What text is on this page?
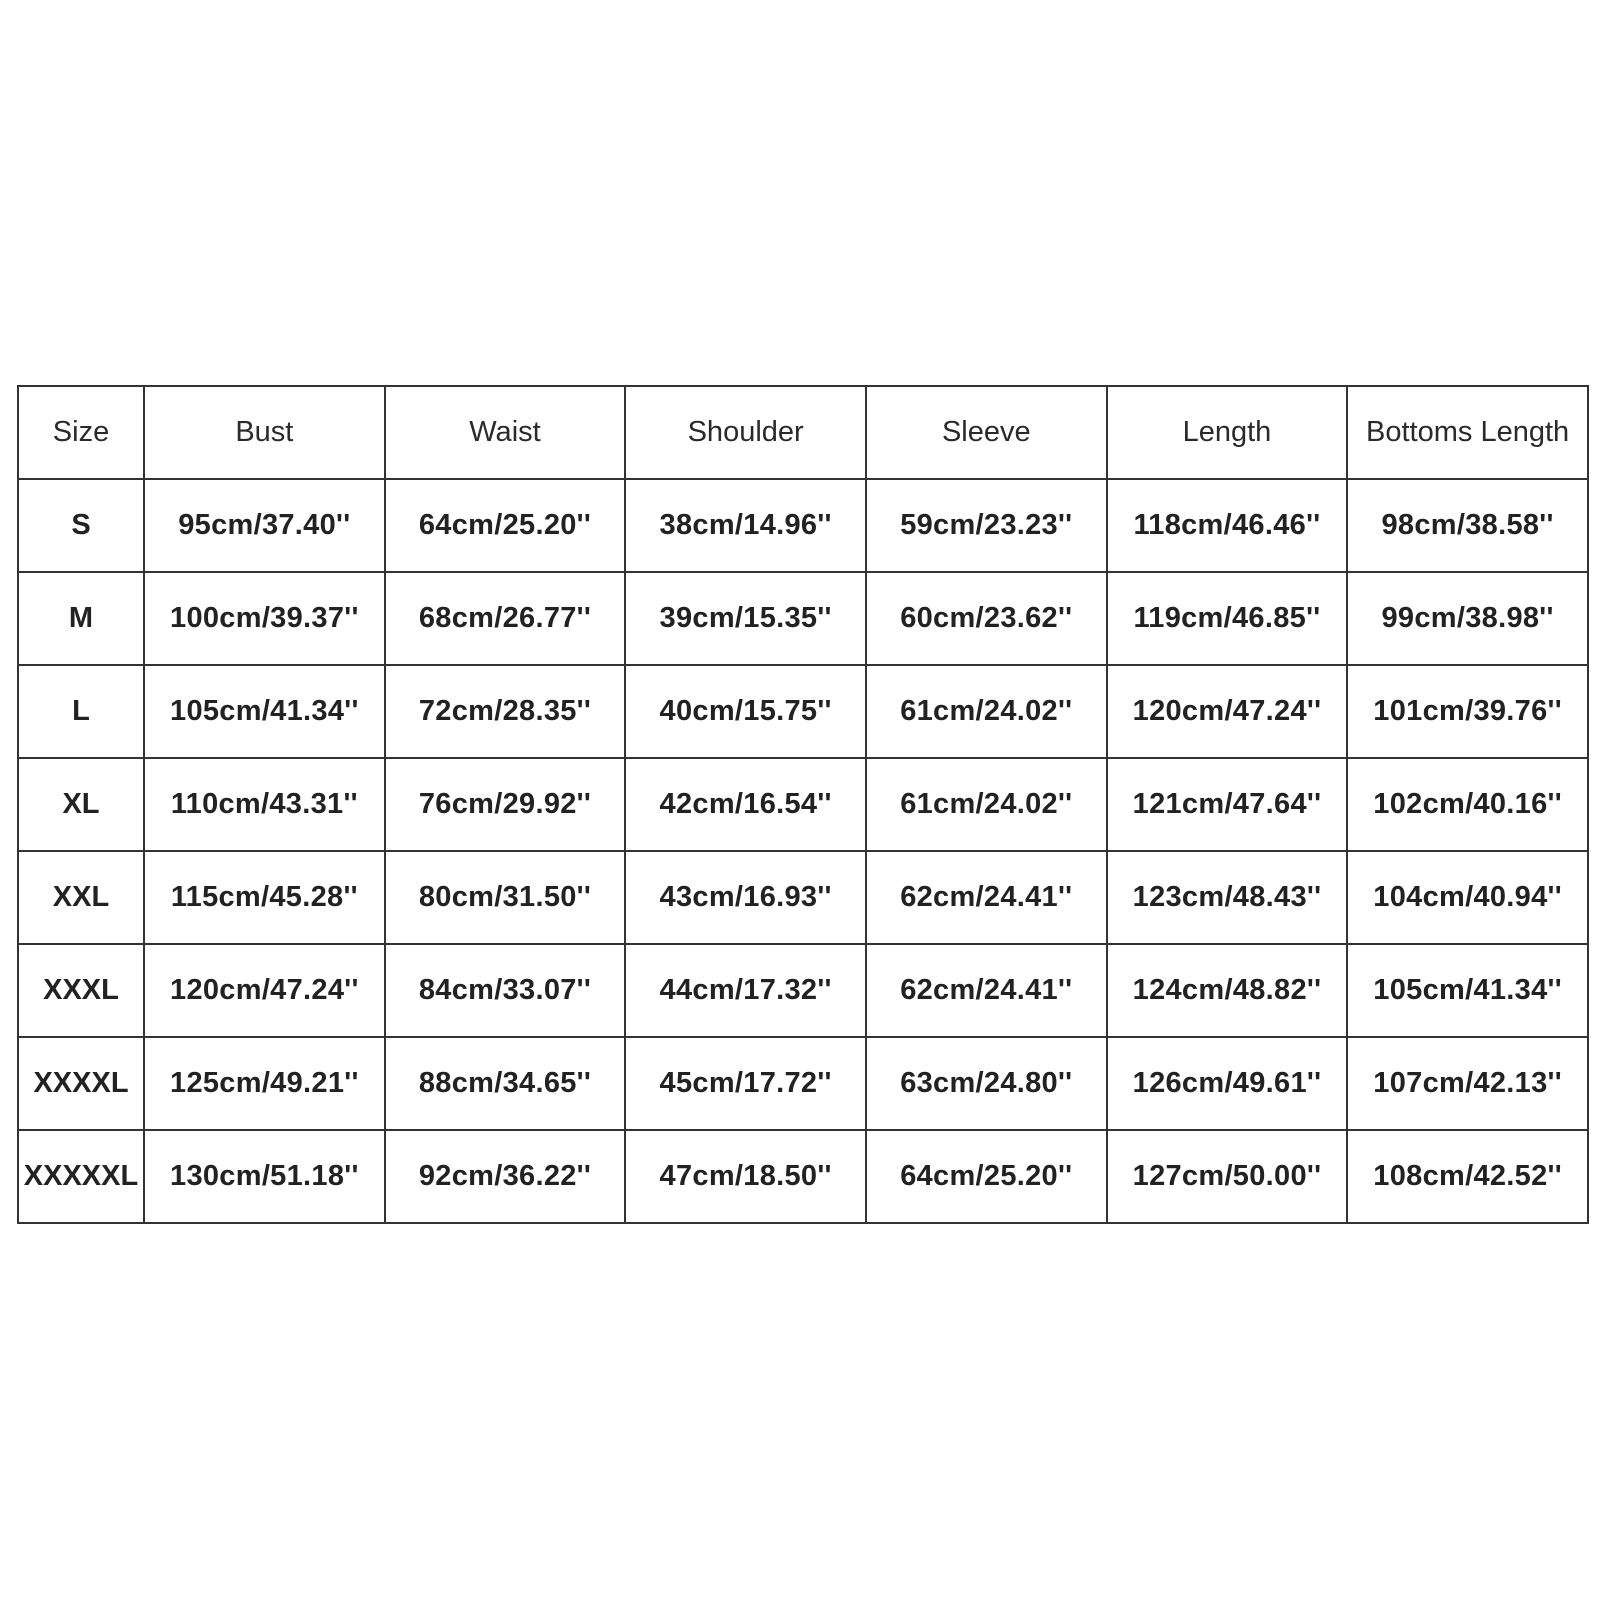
Size	Bust	Waist	Shoulder	Sleeve	Length	Bottoms Length
S	95cm/37.40''	64cm/25.20''	38cm/14.96''	59cm/23.23''	118cm/46.46''	98cm/38.58''
M	100cm/39.37''	68cm/26.77''	39cm/15.35''	60cm/23.62''	119cm/46.85''	99cm/38.98''
L	105cm/41.34''	72cm/28.35''	40cm/15.75''	61cm/24.02''	120cm/47.24''	101cm/39.76''
XL	110cm/43.31''	76cm/29.92''	42cm/16.54''	61cm/24.02''	121cm/47.64''	102cm/40.16''
XXL	115cm/45.28''	80cm/31.50''	43cm/16.93''	62cm/24.41''	123cm/48.43''	104cm/40.94''
XXXL	120cm/47.24''	84cm/33.07''	44cm/17.32''	62cm/24.41''	124cm/48.82''	105cm/41.34''
XXXXL	125cm/49.21''	88cm/34.65''	45cm/17.72''	63cm/24.80''	126cm/49.61''	107cm/42.13''
XXXXXL	130cm/51.18''	92cm/36.22''	47cm/18.50''	64cm/25.20''	127cm/50.00''	108cm/42.52''
